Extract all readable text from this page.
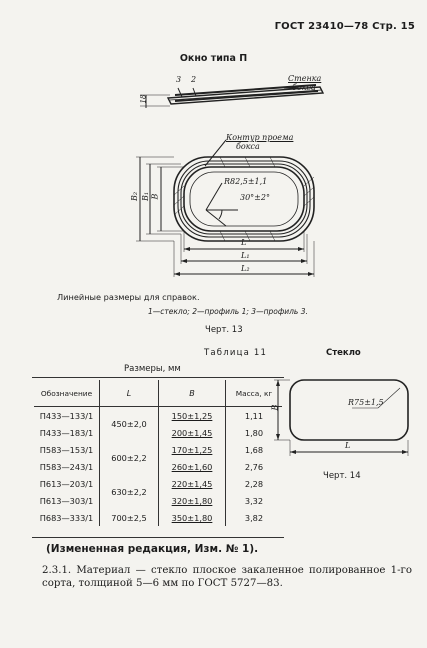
ГОСТ 23410—78 Стр. 15
Окно типа П
3 2	Стенка
бокса
18
Контур проема
бокса
R82,5±1,1
30°±2°
B₂ B₁ B
L
L₁
L₂
Линейные размеры для справок.
1—стекло; 2—профиль 1; 3—профиль 3.
Черт. 13
Таблица 11
Размеры, мм
Обозначение	L	B	Масса, кг
П433—133/1	450±2,0	150±1,25	1,11
П433—183/1		200±1,45	1,80
П583—153/1	600±2,2	170±1,25	1,68
П583—243/1		260±1,60	2,76
П613—203/1	630±2,2	220±1,45	2,28
П613—303/1		320±1,80	3,32
П683—333/1	700±2,5	350±1,80	3,82
Стекло
R75±1,5
B
L
Черт. 14
(Измененная редакция, Изм. № 1).
2.3.1. Материал — стекло плоское закаленное полированное 1-го сорта, толщиной 5—6 мм по ГОСТ 5727—83.
